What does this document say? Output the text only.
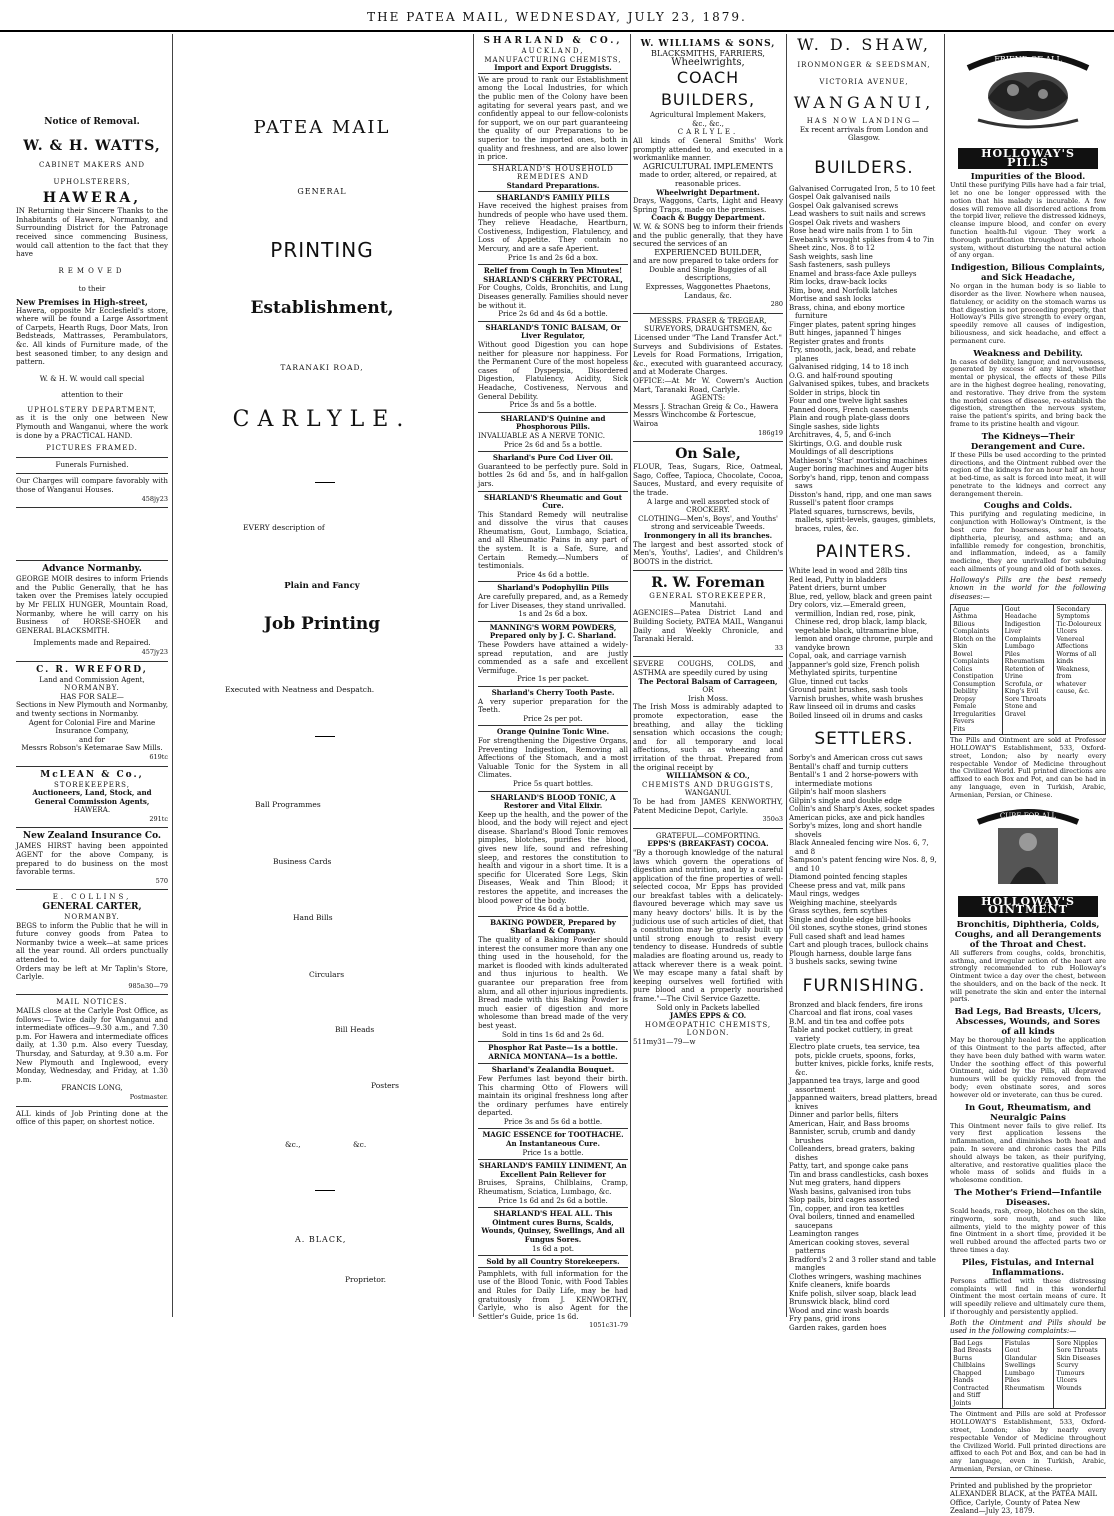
THE PATEA MAIL, WEDNESDAY, JULY 23, 1879.
Notice of Removal.
W. & H. WATTS,
CABINET MAKERS AND
UPHOLSTERERS,
HAWERA,
IN Returning their Sincere Thanks to the Inhabitants of Hawera, Normanby, and Surrounding District for the Patronage received since commencing Business, would call attention to the fact that they have
REMOVED
to their
New Premises in High-street,
Hawera, opposite Mr Ecclesfield's store, where will be found a Large Assortment of Carpets, Hearth Rugs, Door Mats, Iron Bedsteads, Mattrasses, Perambulators, &c. All kinds of Furniture made, of the best seasoned timber, to any design and pattern.
W. & H. W. would call special
attention to their
UPHOLSTERY DEPARTMENT,
as it is the only one between New Plymouth and Wanganui, where the work is done by a PRACTICAL HAND.
PICTURES FRAMED.
Funerals Furnished.
Our Charges will compare favorably with those of Wanganui Houses.
458jy23
Advance Normanby.
GEORGE MOIR desires to inform Friends and the Public Generally, that he has taken over the Premises lately occupied by Mr FELIX HUNGER, Mountain Road, Normanby, where he will carry on his Business of HORSE-SHOER and GENERAL BLACKSMITH.
Implements made and Repaired.
457jy23
C. R. WREFORD,
Land and Commission Agent,
NORMANBY.
HAS FOR SALE—
Sections in New Plymouth and Normanby, and twenty sections in Normanby.
Agent for Colonial Fire and Marine Insurance Company,
and for
Messrs Robson's Ketemarae Saw Mills.
619tc
McLEAN & Co.,
STOREKEEPERS,
Auctioneers, Land, Stock, and General Commission Agents,
HAWERA.
291tc
New Zealand Insurance Co.
JAMES HIRST having been appointed AGENT for the above Company, is prepared to do business on the most favorable terms.
570
E. COLLINS,
GENERAL CARTER,
NORMANBY.
BEGS to inform the Public that he will in future convey goods from Patea to Normanby twice a week—at same prices all the year round. All orders punctually attended to.
Orders may be left at Mr Taplin's Store, Carlyle.
985n30—79
MAIL NOTICES.
MAILS close at the Carlyle Post Office, as follows:— Twice daily for Wanganui and intermediate offices—9.30 a.m., and 7.30 p.m. For Hawera and intermediate offices daily, at 1.30 p.m. Also every Tuesday, Thursday, and Saturday, at 9.30 a.m. For New Plymouth and Inglewood, every Monday, Wednesday, and Friday, at 1.30 p.m.
FRANCIS LONG,
Postmaster.
ALL kinds of Job Printing done at the office of this paper, on shortest notice.
PATEA MAIL
GENERAL
PRINTING
Establishment,
TARANAKI ROAD,
CARLYLE.
EVERY description of
Plain and Fancy
Job Printing
Executed with Neatness and Despatch.
Ball Programmes
Business Cards
Hand Bills
Circulars
Bill Heads
Posters
&c.,	&c.
A. BLACK,
Proprietor.
SHARLAND & CO.,
AUCKLAND,
MANUFACTURING CHEMISTS,
Import and Export Druggists.
We are proud to rank our Establishment among the Local Industries, for which the public men of the Colony have been agitating for several years past, and we confidently appeal to our fellow-colonists for support, we on our part guaranteeing the quality of our Preparations to be superior to the imported ones, both in quality and freshness, and are also lower in price.
SHARLAND'S HOUSEHOLD REMEDIES AND
Standard Preparations.
SHARLAND'S FAMILY PILLS
Have received the highest praises from hundreds of people who have used them. They relieve Headache, Heartburn, Costiveness, Indigestion, Flatulency, and Loss of Appetite. They contain no Mercury, and are a safe Aperient.
Price 1s and 2s 6d a box.
Relief from Cough in Ten Minutes! SHARLAND'S CHERRY PECTORAL,
For Coughs, Colds, Bronchitis, and Lung Diseases generally. Families should never be without it.
Price 2s 6d and 4s 6d a bottle.
SHARLAND'S TONIC BALSAM, Or Liver Regulator,
Without good Digestion you can hope neither for pleasure nor happiness. For the Permanent Cure of the most hopeless cases of Dyspepsia, Disordered Digestion, Flatulency, Acidity, Sick Headache, Costiveness, Nervous and General Debility.
Price 3s and 5s a bottle.
SHARLAND'S Quinine and Phosphorous Pills.
INVALUABLE AS A NERVE TONIC.
Price 2s 6d and 5s a bottle.
Sharland's Pure Cod Liver Oil.
Guaranteed to be perfectly pure. Sold in bottles 2s 6d and 5s, and in half-gallon jars.
SHARLAND'S Rheumatic and Gout Cure.
This Standard Remedy will neutralise and dissolve the virus that causes Rheumatism, Gout, Lumbago, Sciatica, and all Rheumatic Pains in any part of the system. It is a Safe, Sure, and Certain Remedy.—Numbers of testimonials.
Price 4s 6d a bottle.
Sharland's Podophyllin Pills
Are carefully prepared, and, as a Remedy for Liver Diseases, they stand unrivalled.
1s and 2s 6d a box.
MANNING'S WORM POWDERS, Prepared only by J. C. Sharland.
These Powders have attained a widely-spread reputation, and are justly commended as a safe and excellent Vermifuge.
Price 1s per packet.
Sharland's Cherry Tooth Paste.
A very superior preparation for the Teeth.
Price 2s per pot.
Orange Quinine Tonic Wine.
For strengthening the Digestive Organs, Preventing Indigestion, Removing all Affections of the Stomach, and a most Valuable Tonic for the System in all Climates.
Price 5s quart bottles.
SHARLAND'S BLOOD TONIC, A Restorer and Vital Elixir.
Keep up the health, and the power of the blood, and the body will reject and eject disease. Sharland's Blood Tonic removes pimples, blotches, purifies the blood, gives new life, sound and refreshing sleep, and restores the constitution to health and vigour in a short time. It is a specific for Ulcerated Sore Legs, Skin Diseases, Weak and Thin Blood; it restores the appetite, and increases the blood power of the body.
Price 4s 6d a bottle.
BAKING POWDER, Prepared by Sharland & Company.
The quality of a Baking Powder should interest the consumer more than any one thing used in the household, for the market is flooded with kinds adulterated and thus injurious to health. We guarantee our preparation free from alum, and all other injurious ingredients. Bread made with this Baking Powder is much easier of digestion and more wholesome than bread made of the very best yeast.
Sold in tins 1s 6d and 2s 6d.
Phosphor Rat Paste—1s a bottle. ARNICA MONTANA—1s a bottle.
Sharland's Zealandia Bouquet.
Few Perfumes last beyond their birth. This charming Otto of Flowers will maintain its original freshness long after the ordinary perfumes have entirely departed.
Price 3s and 5s 6d a bottle.
MAGIC ESSENCE for TOOTHACHE. An Instantaneous Cure.
Price 1s a bottle.
SHARLAND'S FAMILY LINIMENT, An Excellent Pain Reliever for
Bruises, Sprains, Chilblains, Cramp, Rheumatism, Sciatica, Lumbago, &c.
Price 1s 6d and 2s 6d a bottle.
SHARLAND'S HEAL ALL. This Ointment cures Burns, Scalds, Wounds, Quinsey, Swellings, And all Fungus Sores.
1s 6d a pot.
Sold by all Country Storekeepers.
Pamphlets, with full information for the use of the Blood Tonic, with Food Tables and Rules for Daily Life, may be had gratuitously from J. KENWORTHY, Carlyle, who is also Agent for the Settler's Guide, price 1s 6d.
1051c31-79
W. WILLIAMS & SONS,
BLACKSMITHS, FARRIERS,
Wheelwrights,
COACH BUILDERS,
Agricultural Implement Makers,
&c., &c.,
CARLYLE.
All kinds of General Smiths' Work promptly attended to, and executed in a workmanlike manner.
AGRICULTURAL IMPLEMENTS
made to order, altered, or repaired, at reasonable prices.
Wheelwright Department.
Drays, Waggons, Carts, Light and Heavy Spring Traps, made on the premises.
Coach & Buggy Department.
W. W. & SONS beg to inform their friends and the public generally, that they have secured the services of an
EXPERIENCED BUILDER,
and are now prepared to take orders for
Double and Single Buggies of all descriptions,
Expresses, Waggonettes Phaetons, Landaus, &c.
280
MESSRS. FRASER & TREGEAR,
SURVEYORS, DRAUGHTSMEN, &c
Licensed under "The Land Transfer Act."
Surveys and Subdivisions of Estates. Levels for Road Formations, Irrigation, &c., executed with guaranteed accuracy, and at Moderate Charges.
OFFICE:—At Mr W. Cowern's Auction Mart, Taranaki Road, Carlyle.
AGENTS:
Messrs J. Strachan Greig & Co., Hawera
Messrs Winchcombe & Fortescue, Wairoa
186g19
On Sale,
FLOUR, Teas, Sugars, Rice, Oatmeal, Sago, Coffee, Tapioca, Chocolate, Cocoa, Sauces, Mustard, and every requisite of the trade.
A large and well assorted stock of CROCKERY.
CLOTHING—Men's, Boys', and Youths' strong and serviceable Tweeds.
Ironmongery in all its branches.
The largest and best assorted stock of Men's, Youths', Ladies', and Children's BOOTS in the district.
R. W. Foreman
GENERAL STOREKEEPER,
Manutahi.
AGENCIES—Patea District Land and Building Society, PATEA MAIL, Wanganui Daily and Weekly Chronicle, and Taranaki Herald.
33
SEVERE COUGHS, COLDS, and ASTHMA are speedily cured by using
The Pectoral Balsam of Carrageen,
OR
Irish Moss.
The Irish Moss is admirably adapted to promote expectoration, ease the breathing, and allay the tickling sensation which occasions the cough; and for all temporary and local affections, such as wheezing and irritation of the throat. Prepared from the original receipt by
WILLIAMSON & CO.,
CHEMISTS AND DRUGGISTS,
WANGANUI.
To be had from JAMES KENWORTHY, Patent Medicine Depot, Carlyle.
350o3
GRATEFUL—COMFORTING.
EPPS'S (BREAKFAST) COCOA.
"By a thorough knowledge of the natural laws which govern the operations of digestion and nutrition, and by a careful application of the fine properties of well-selected cocoa, Mr Epps has provided our breakfast tables with a delicately-flavoured beverage which may save us many heavy doctors' bills. It is by the judicious use of such articles of diet, that a constitution may be gradually built up until strong enough to resist every tendency to disease. Hundreds of subtle maladies are floating around us, ready to attack wherever there is a weak point. We may escape many a fatal shaft by keeping ourselves well fortified with pure blood and a properly nourished frame."—The Civil Service Gazette.
Sold only in Packets labelled
JAMES EPPS & CO.
HOMŒOPATHIC CHEMISTS, LONDON.
511my31—79—w
W. D. SHAW,
IRONMONGER & SEEDSMAN,
VICTORIA AVENUE,
WANGANUI,
HAS NOW LANDING—
Ex recent arrivals from London and Glasgow.
BUILDERS.
Galvanised Corrugated Iron, 5 to 10 feet
Gospel Oak galvanised nails
Gospel Oak galvanised screws
Lead washers to suit nails and screws
Gospel Oak rivets and washers
Rose head wire nails from 1 to 5in
Ewebank's wrought spikes from 4 to 7in
Sheet zinc, Nos. 8 to 12
Sash weights, sash line
Sash fasteners, sash pulleys
Enamel and brass-face Axle pulleys
Rim locks, draw-back locks
Rim, bow, and Norfolk latches
Mortise and sash locks
Brass, china, and ebony mortice furniture
Finger plates, patent spring hinges
Butt hinges, japanned T hinges
Register grates and fronts
Try, smooth, jack, bead, and rebate planes
Galvanised ridging, 14 to 18 inch
O.G. and half-round spouting
Galvanised spikes, tubes, and brackets
Solder in strips, block tin
Four and one twelve light sashes
Panned doors, French casements
Plain and rough plate-glass doors
Single sashes, side lights
Architraves, 4, 5, and 6-inch
Skirtings, O.G. and double rusk
Mouldings of all descriptions
Mathieson's 'Star' mortising machines
Auger boring machines and Auger bits
Sorby's hand, ripp, tenon and compass saws
Disston's hand, ripp, and one man saws
Russell's patent floor cramps
Plated squares, turnscrews, bevils, mallets, spirit-levels, gauges, gimblets, braces, rules, &c.
PAINTERS.
White lead in wood and 28lb tins
Red lead, Putty in bladders
Patent driers, burnt umber
Blue, red, yellow, black and green paint
Dry colors, viz.—Emerald green, vermillion, Indian red, rose, pink, Chinese red, drop black, lamp black, vegetable black, ultramarine blue, lemon and orange chrome, purple and vandyke brown
Copal, oak, and carriage varnish
Jappanner's gold size, French polish
Methylated spirits, turpentine
Glue, tinned cut tacks
Ground paint brushes, sash tools
Varnish brushes, white wash brushes
Raw linseed oil in drums and casks
Boiled linseed oil in drums and casks
SETTLERS.
Sorby's and American cross cut saws
Bentall's chaff and turnip cutters
Bentall's 1 and 2 horse-powers with intermediate motions
Gilpin's half moon slashers
Gilpin's single and double edge
Collin's and Sharp's Axes, socket spades
American picks, axe and pick handles
Sorby's mizes, long and short handle shovels
Black Annealed fencing wire Nos. 6, 7, and 8
Sampson's patent fencing wire Nos. 8, 9, and 10
Diamond pointed fencing staples
Cheese press and vat, milk pans
Maul rings, wedges
Weighing machine, steelyards
Grass scythes, fern scythes
Single and double edge bill-hooks
Oil stones, scythe stones, grind stones
Full cased shaft and lead hames
Cart and plough traces, bullock chains
Plough harness, double large fans
3 bushels sacks, sewing twine
FURNISHING.
Bronzed and black fenders, fire irons
Charcoal and flat irons, coal vases
B.M. and tin tea and coffee pots
Table and pocket cuttlery, in great variety
Electro plate cruets, tea service, tea pots, pickle cruets, spoons, forks, butter knives, pickle forks, knife rests, &c.
Jappanned tea trays, large and good assortment
Jappanned waiters, bread platters, bread knives
Dinner and parlor bells, filters
American, Hair, and Bass brooms
Bannister, scrub, crumb and dandy brushes
Colleanders, bread graters, baking dishes
Patty, tart, and sponge cake pans
Tin and brass candlesticks, cash boxes
Nut meg graters, hand dippers
Wash basins, galvanised iron tubs
Slop pails, bird cages assorted
Tin, copper, and iron tea kettles
Oval boilers, tinned and enamelled saucepans
Leamington ranges
American cooking stoves, several patterns
Bradford's 2 and 3 roller stand and table mangles
Clothes wringers, washing machines
Knife cleaners, knife boards
Knife polish, silver soap, black lead
Brunswick black, blind cord
Wood and zinc wash boards
Fry pans, grid irons
Garden rakes, garden hoes
FRIEND OF ALL
HOLLOWAY'S PILLS
Impurities of the Blood.
Until these purifying Pills have had a fair trial, let no one be longer oppressed with the notion that his malady is incurable. A few doses will remove all disordered actions from the torpid liver, relieve the distressed kidneys, cleanse impure blood, and confer on every function health-ful vigour. They work a thorough purification throughout the whole system, without disturbing the natural action of any organ.
Indigestion, Bilious Complaints, and Sick Headache,
No organ in the human body is so liable to disorder as the liver. Nowhere when nausea, flatulency, or acidity on the stomach warns us that digestion is not proceeding properly, that Holloway's Pills give strength to every organ, speedily remove all causes of indigestion, biliousness, and sick headache, and effect a permanent cure.
Weakness and Debility.
In cases of debility, languor, and nervousness, generated by excess of any kind, whether mental or physical, the effects of these Pills are in the highest degree healing, renovating, and restorative. They drive from the system the morbid causes of disease, re-establish the digestion, strengthen the nervous system, raise the patient's spirits, and bring back the frame to its pristine health and vigour.
The Kidneys—Their Derangement and Cure.
If these Pills be used according to the printed directions, and the Ointment rubbed over the region of the kidneys for an hour half an hour at bed-time, as salt is forced into meat, it will penetrate to the kidneys and correct any derangement therein.
Coughs and Colds.
This purifying and regulating medicine, in conjunction with Holloway's Ointment, is the best cure for hoarseness, sore throats, diphtheria, pleurisy, and asthma; and an infallible remedy for congestion, bronchitis, and inflammation, indeed, as a family medicine, they are unrivalled for subduing each ailments of young and old of both sexes.
Holloway's Pills are the best remedy known in the world for the following diseases:—
Ague
Asthma
Bilious Complaints
Blotch on the Skin
Bowel Complaints
Colics
Constipation
Consumption
Debility
Dropsy
Female Irregularities
Fevers
Fits
Gout
Headache
Indigestion
Liver Complaints
Lumbago
Piles
Rheumatism
Retention of Urine
Scrofula, or King's Evil
Sore Throats
Stone and Gravel
Secondary Symptoms
Tic-Doloureux
Ulcers
Venereal Affections
Worms of all kinds
Weakness, from whatever cause, &c.
The Pills and Ointment are sold at Professor HOLLOWAY'S Establishment, 533, Oxford-street, London; also by nearly every respectable Vendor of Medicine throughout the Civilized World. Full printed directions are affixed to each Box and Pot, and can be had in any language, even in Turkish, Arabic, Armenian, Persian, or Chinese.
CURE FOR ALL
HOLLOWAY'S OINTMENT
Bronchitis, Diphtheria, Colds, Coughs, and all Derangements of the Throat and Chest.
All sufferers from coughs, colds, bronchitis, asthma, and irregular action of the heart are strongly recommended to rub Holloway's Ointment twice a day over the chest, between the shoulders, and on the back of the neck. It will penetrate the skin and enter the internal parts.
Bad Legs, Bad Breasts, Ulcers, Abscesses, Wounds, and Sores of all kinds
May be thoroughly healed by the application of this Ointment to the parts affected, after they have been duly bathed with warm water. Under the soothing effect of this powerful Ointment, aided by the Pills, all depraved humours will be quickly removed from the body; even obstinate sores, and sores however old or inveterate, can thus be cured.
In Gout, Rheumatism, and Neuralgic Pains
This Ointment never fails to give relief. Its very first application lessens the inflammation, and diminishes both heat and pain. In severe and chronic cases the Pills should always be taken, as their purifying, alterative, and restorative qualities place the whole mass of solids and fluids in a wholesome condition.
The Mother's Friend—Infantile Diseases.
Scald heads, rash, creep, blotches on the skin, ringworm, sore mouth, and such like ailments, yield to the mighty power of this fine Ointment in a short time, provided it be well rubbed around the affected parts two or three times a day.
Piles, Fistulas, and Internal Inflammations.
Persons afflicted with these distressing complaints will find in this wonderful Ointment the most certain means of cure. It will speedily relieve and ultimately cure them, if thoroughly and persistently applied.
Both the Ointment and Pills should be used in the following complaints:—
Bad Legs
Bad Breasts
Burns
Chilblains
Chapped Hands
Contracted and Stiff Joints
Fistulas
Gout
Glandular Swellings
Lumbago
Piles
Rheumatism
Sore Nipples
Sore Throats
Skin Diseases
Scurvy
Tumours
Ulcers
Wounds
The Ointment and Pills are sold at Professor HOLLOWAY'S Establishment, 533, Oxford-street, London; also by nearly every respectable Vendor of Medicine throughout the Civilized World. Full printed directions are affixed to each Pot and Box, and can be had in any language, even in Turkish, Arabic, Armenian, Persian, or Chinese.
Printed and published by the proprietor ALEXANDER BLACK, at the PATEA MAIL Office, Carlyle, County of Patea New Zealand—July 23, 1879.
